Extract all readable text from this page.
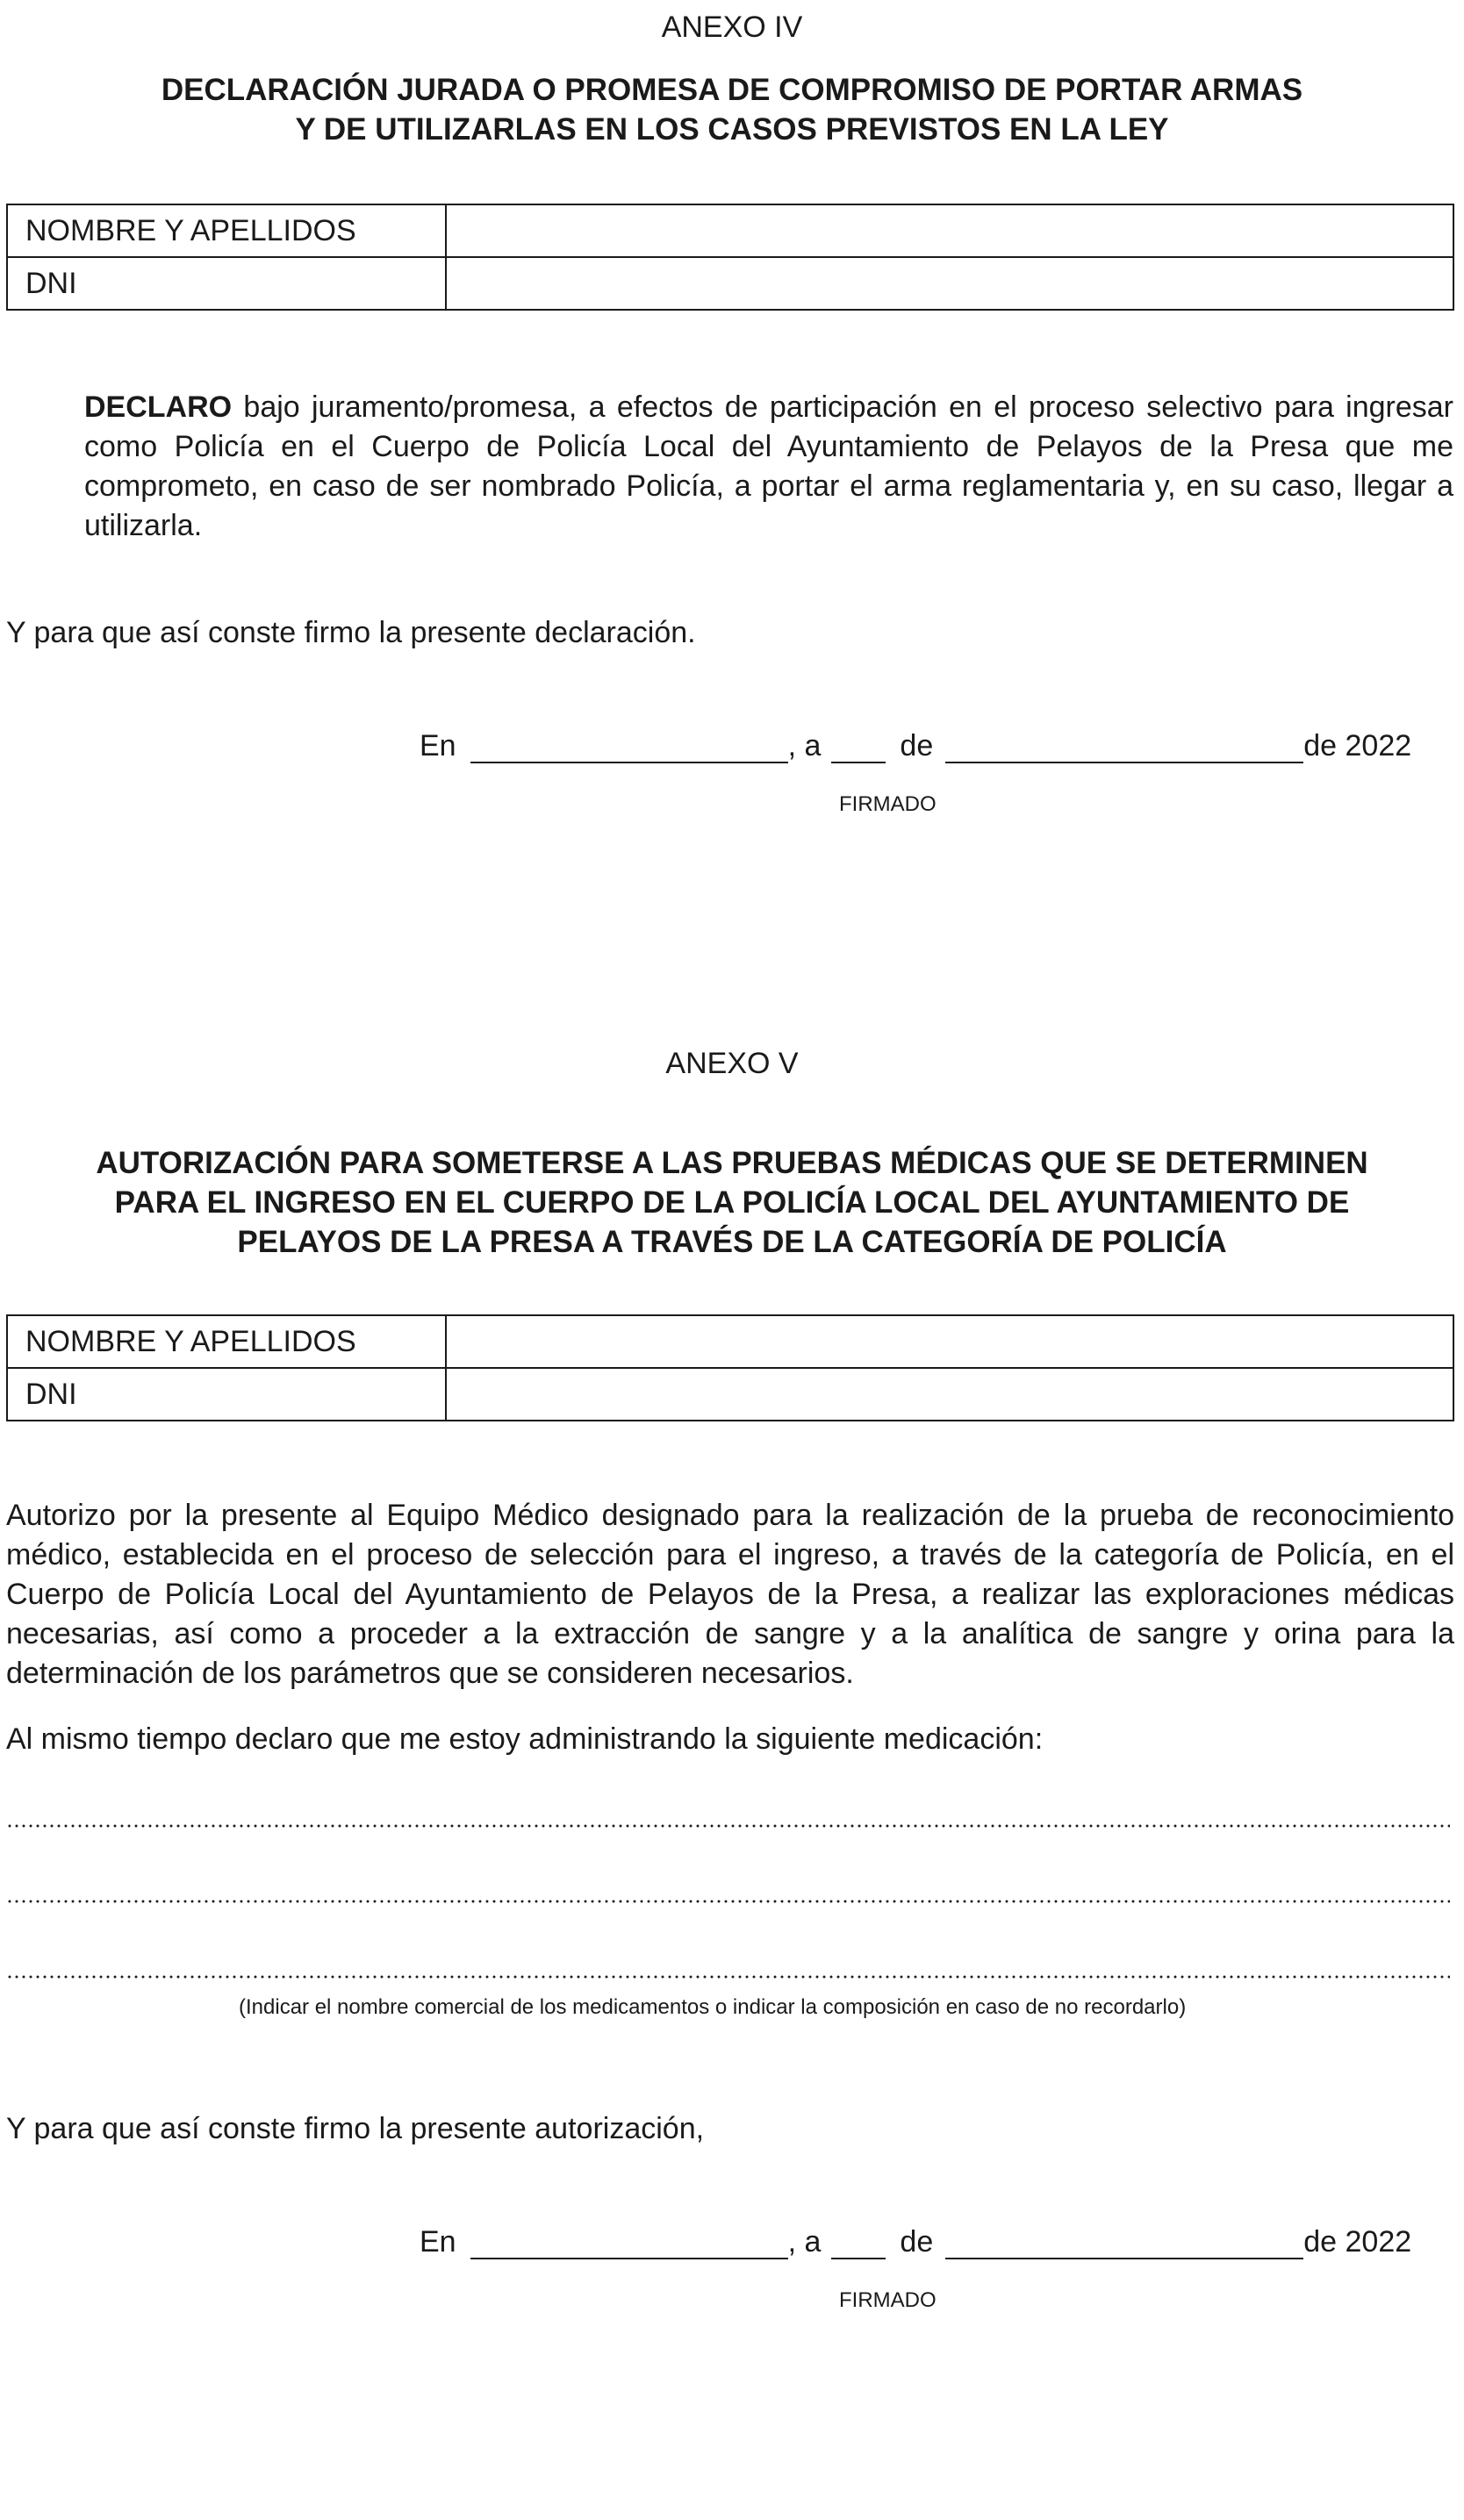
ANEXO IV
DECLARACIÓN JURADA O PROMESA DE COMPROMISO DE PORTAR ARMAS
Y DE UTILIZARLAS EN LOS CASOS PREVISTOS EN LA LEY
NOMBRE Y APELLIDOS	
DNI	
DECLARO bajo juramento/promesa, a efectos de participación en el proceso selectivo para ingresar como Policía en el Cuerpo de Policía Local del Ayuntamiento de Pelayos de la Presa que me comprometo, en caso de ser nombrado Policía, a portar el arma reglamentaria y, en su caso, llegar a utilizarla.
Y para que así conste firmo la presente declaración.
En	, a	de	de 2022
FIRMADO
ANEXO V
AUTORIZACIÓN PARA SOMETERSE A LAS PRUEBAS MÉDICAS QUE SE DETERMINEN
PARA EL INGRESO EN EL CUERPO DE LA POLICÍA LOCAL DEL AYUNTAMIENTO DE
PELAYOS DE LA PRESA A TRAVÉS DE LA CATEGORÍA DE POLICÍA
NOMBRE Y APELLIDOS	
DNI	
Autorizo por la presente al Equipo Médico designado para la realización de la prueba de reconocimiento médico, establecida en el proceso de selección para el ingreso, a través de la categoría de Policía, en el Cuerpo de Policía Local del Ayuntamiento de Pelayos de la Presa, a realizar las exploraciones médicas necesarias, así como a proceder a la extracción de sangre y a la analítica de sangre y orina para la determinación de los parámetros que se consideren necesarios.
Al mismo tiempo declaro que me estoy administrando la siguiente medicación:
(Indicar el nombre comercial de los medicamentos o indicar la composición en caso de no recordarlo)
Y para que así conste firmo la presente autorización,
En	, a	de	de 2022
FIRMADO
